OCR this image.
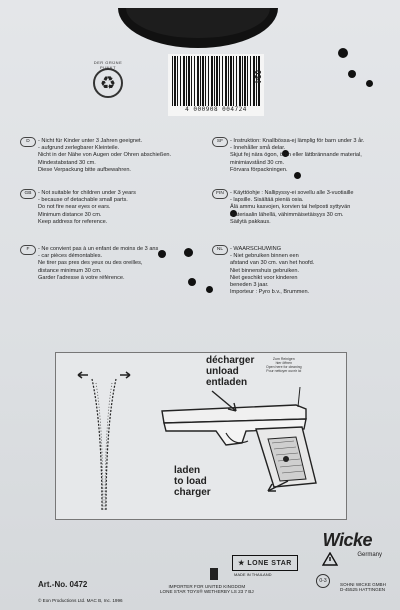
DER GRÜNE PUNKT
♻
4 000908 004724
034
D	- Nicht für Kinder unter 3 Jahren geeignet.
- aufgrund zerlegbarer Kleinteile.
Nicht in der Nähe von Augen oder Ohren abschießen.
Mindestabstand 30 cm.
Diese Verpackung bitte aufbewahren.
GB	- Not suitable for children under 3 years
- because of detachable small parts.
Do not fire near eyes or ears.
Minimum distance 30 cm.
Keep address for reference.
F	- Ne convient pas à un enfant de moins de 3 ans
- car pièces démontables.
Ne tirer pas pres des yeux ou des oreilles,
distance minimum 30 cm.
Garder l'adresse à votre référence.
SF	- Instruktion: Knallbössa-ej lämplig för barn under 3 år.
- Innehåller små delar.
Skjut fej nära ögon, öron eller lättbrännande material,
minimiavstånd 30 cm.
Förvara förpackningen.
FIN	- Käyttöohje : Nallipyssy-ei sovellu alle 3-vuotiaille
- lapsille. Sisältää pieniä osia.
Älä ammu kasvojen, korvien tai helposti syttyvän
materiaalin lähellä, vähimmäisetäisyys 30 cm.
Säilytä pakkaus.
NL	- WAARSCHUWING
- Niet gebruiken binnen een
afstand van 30 cm. van het hoofd.
Niet binnenshuis gebruiken.
Niet geschikt voor kinderen
beneden 3 jaar.
Importeur : Pyro b.v., Brummen.
Zum Reinigen
hier öffnen
Open here for cleaning
Pour nettoyer ouvrir ici
décharger
unload
entladen
laden
to load
charger
Wicke
Germany
★ LONE STAR
0-3
MADE IN THAILAND
Art.-No. 0472
© Eon Productions Ltd. MAC B, Inc. 1996
IMPORTER FOR UNITED KINGDOM
LONE STAR TOYS® WETHERBY LS 23 7 BJ
SOHNI WICKE GMBH
D-45525 HATTINGEN
